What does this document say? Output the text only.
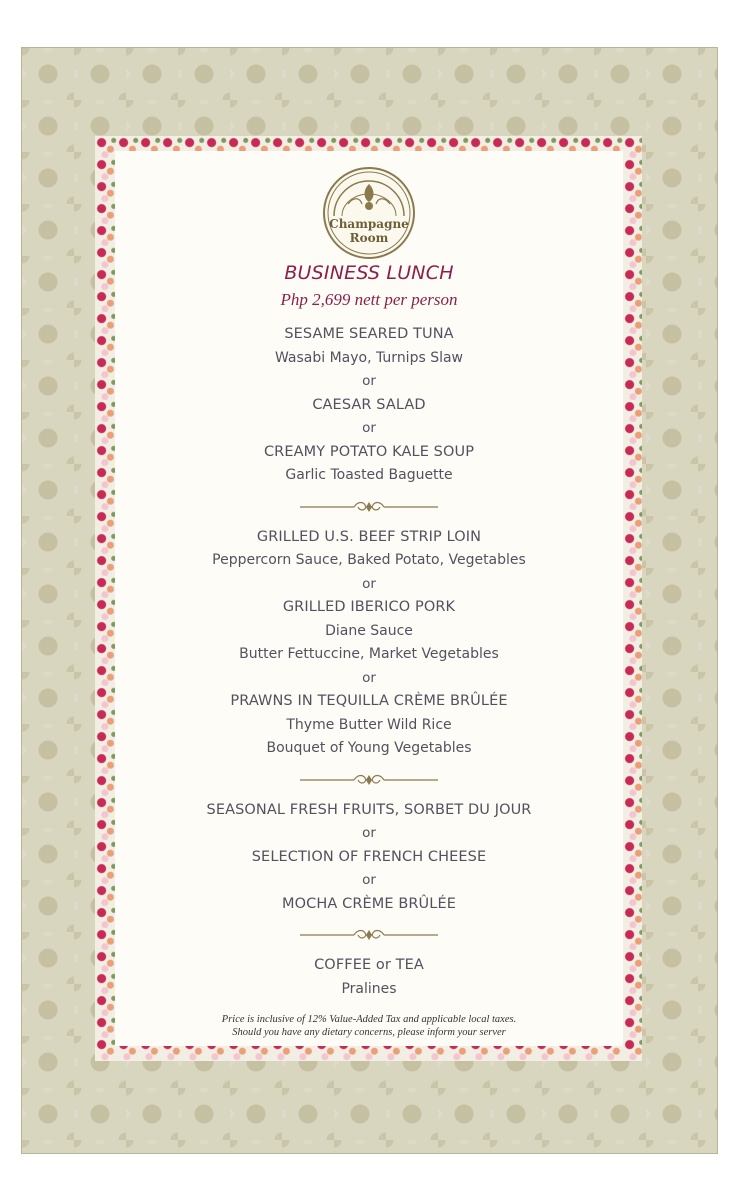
Champagne
Room
BUSINESS LUNCH
Php 2,699 nett per person
SESAME SEARED TUNA
Wasabi Mayo, Turnips Slaw
or
CAESAR SALAD
or
CREAMY POTATO KALE SOUP
Garlic Toasted Baguette
GRILLED U.S. BEEF STRIP LOIN
Peppercorn Sauce, Baked Potato, Vegetables
or
GRILLED IBERICO PORK
Diane Sauce
Butter Fettuccine, Market Vegetables
or
PRAWNS IN TEQUILLA CRÈME BRÛLÉE
Thyme Butter Wild Rice
Bouquet of Young Vegetables
SEASONAL FRESH FRUITS, SORBET DU JOUR
or
SELECTION OF FRENCH CHEESE
or
MOCHA CRÈME BRÛLÉE
COFFEE or TEA
Pralines
Price is inclusive of 12% Value-Added Tax and applicable local taxes.
Should you have any dietary concerns, please inform your server
